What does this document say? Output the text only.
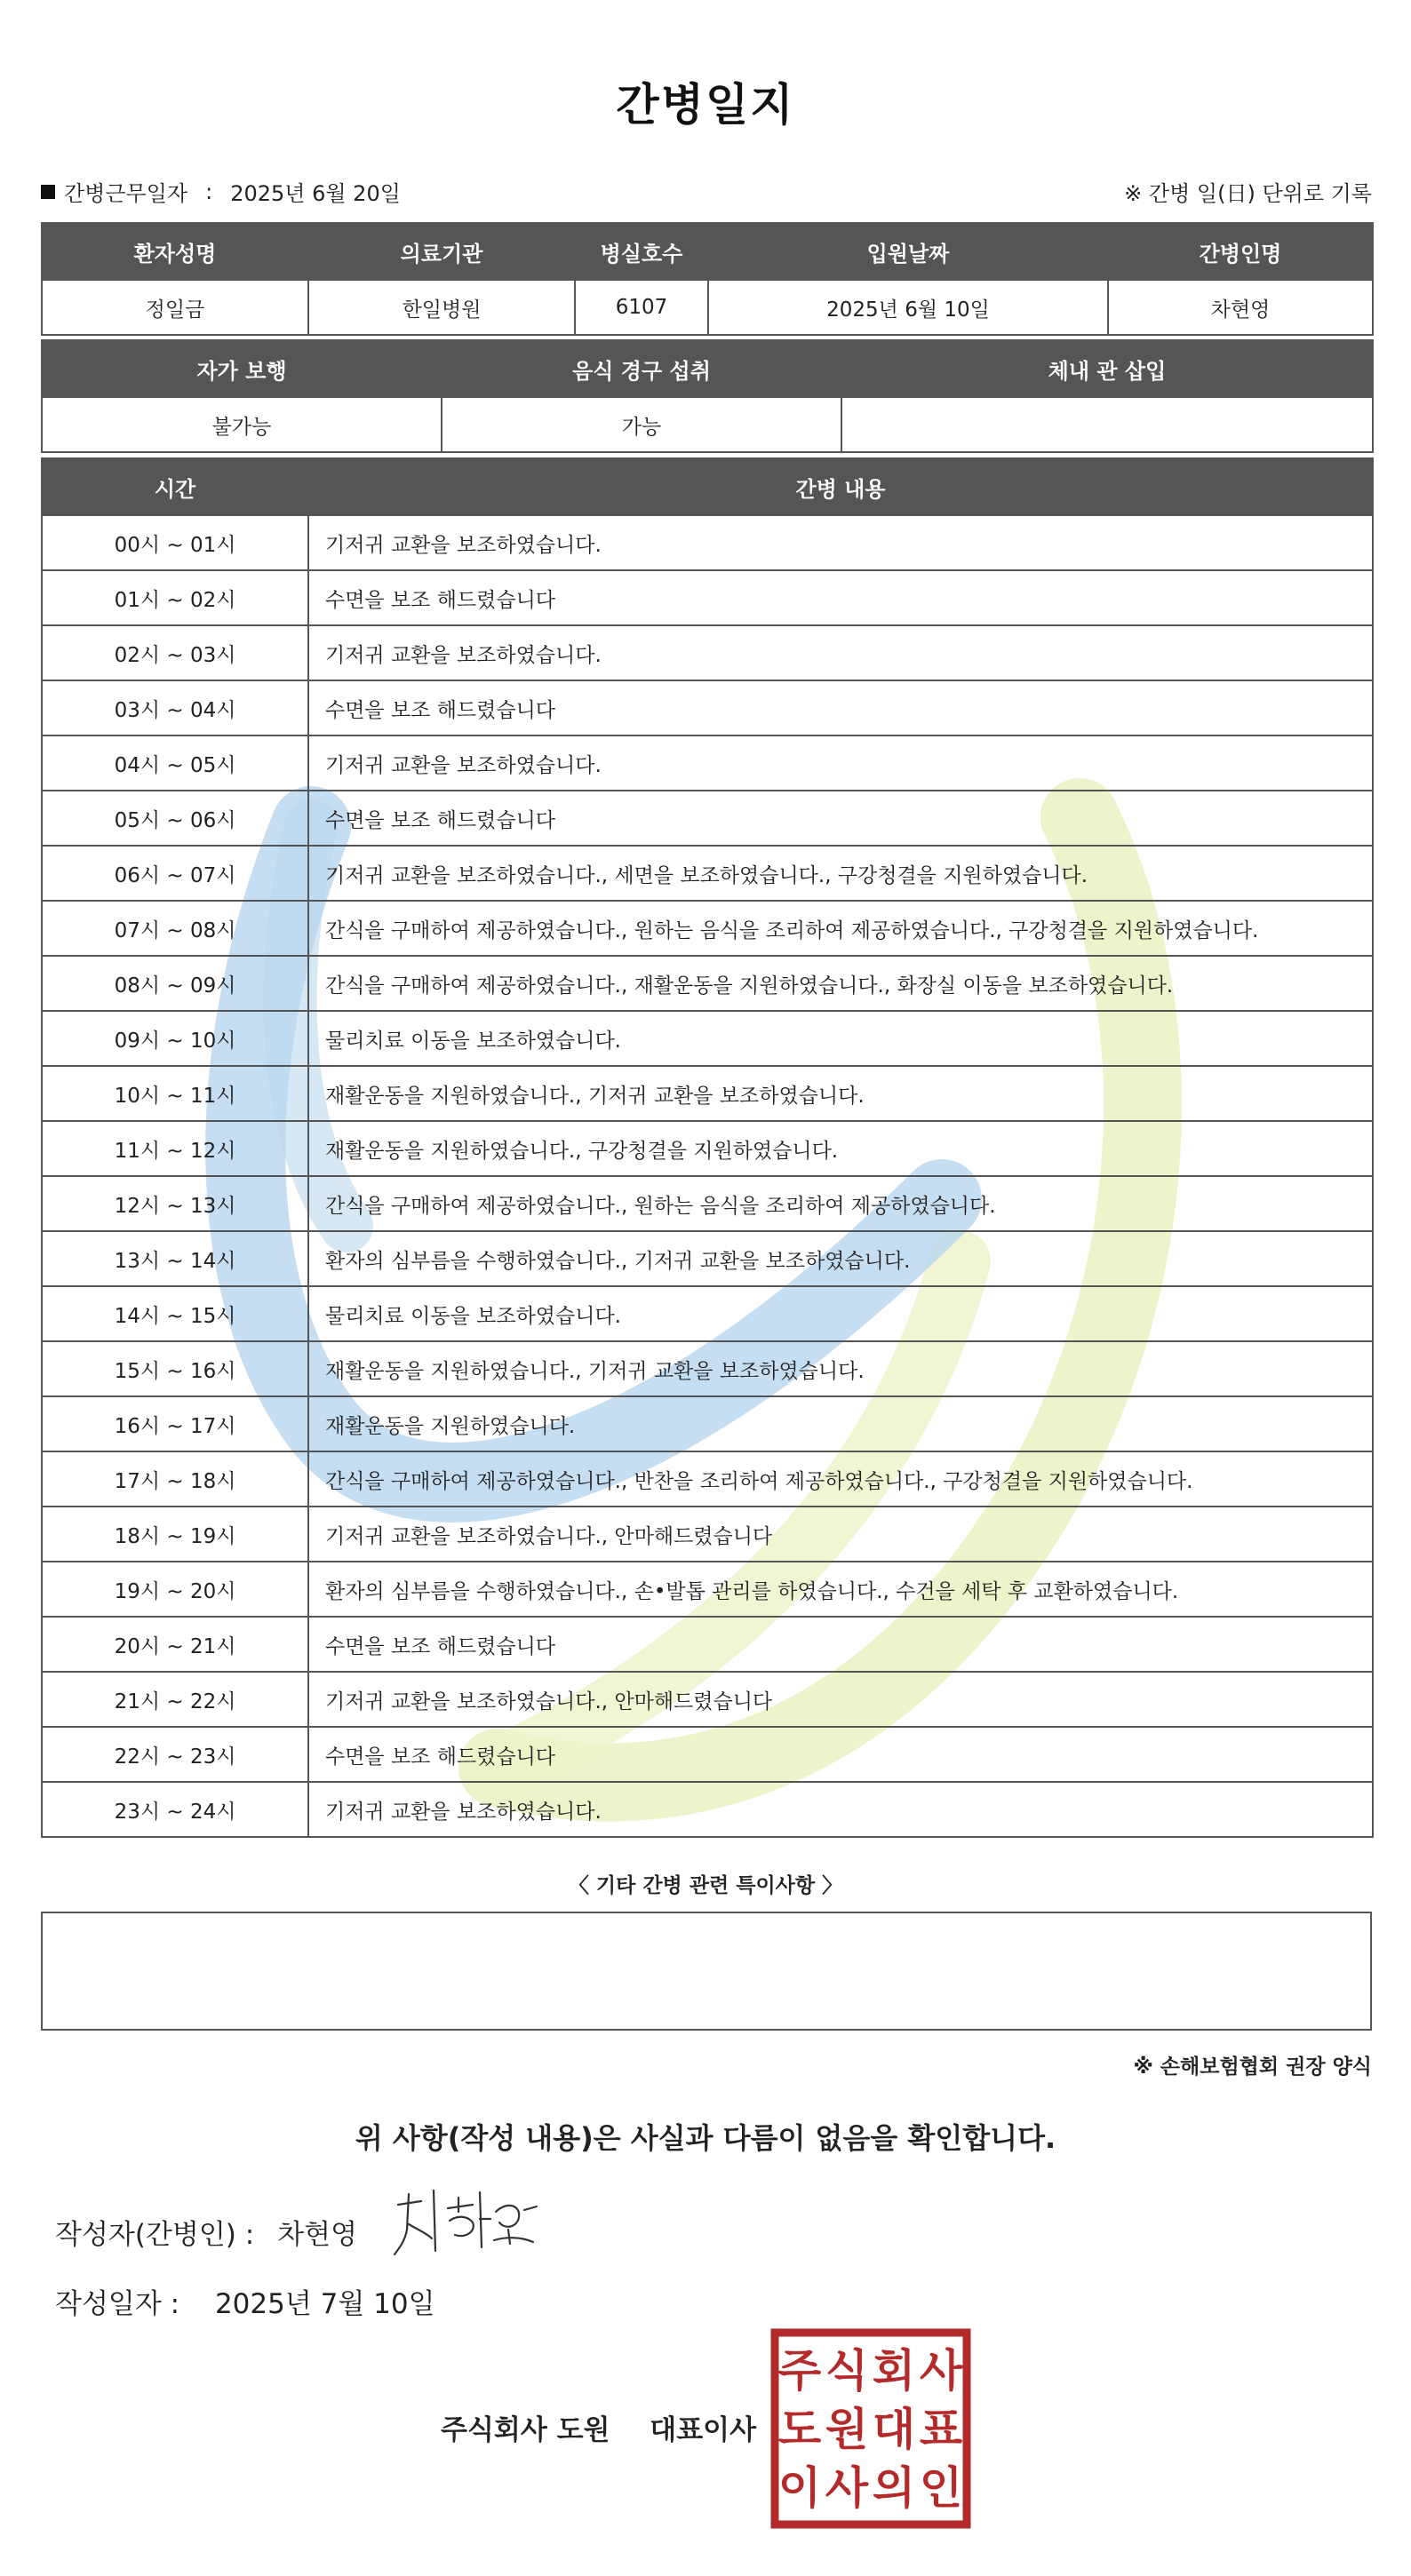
간병일지
간병근무일자 : 2025년 6월 20일	※ 간병 일(日) 단위로 기록
환자성명	의료기관	병실호수	입원날짜	간병인명
정일금	한일병원	6107	2025년 6월 10일	차현영
자가 보행	음식 경구 섭취	체내 관 삽입
불가능	가능	
시간	간병 내용
00시 ~ 01시	기저귀 교환을 보조하였습니다.
01시 ~ 02시	수면을 보조 해드렸습니다
02시 ~ 03시	기저귀 교환을 보조하였습니다.
03시 ~ 04시	수면을 보조 해드렸습니다
04시 ~ 05시	기저귀 교환을 보조하였습니다.
05시 ~ 06시	수면을 보조 해드렸습니다
06시 ~ 07시	기저귀 교환을 보조하였습니다., 세면을 보조하였습니다., 구강청결을 지원하였습니다.
07시 ~ 08시	간식을 구매하여 제공하였습니다., 원하는 음식을 조리하여 제공하였습니다., 구강청결을 지원하였습니다.
08시 ~ 09시	간식을 구매하여 제공하였습니다., 재활운동을 지원하였습니다., 화장실 이동을 보조하였습니다.
09시 ~ 10시	물리치료 이동을 보조하였습니다.
10시 ~ 11시	재활운동을 지원하였습니다., 기저귀 교환을 보조하였습니다.
11시 ~ 12시	재활운동을 지원하였습니다., 구강청결을 지원하였습니다.
12시 ~ 13시	간식을 구매하여 제공하였습니다., 원하는 음식을 조리하여 제공하였습니다.
13시 ~ 14시	환자의 심부름을 수행하였습니다., 기저귀 교환을 보조하였습니다.
14시 ~ 15시	물리치료 이동을 보조하였습니다.
15시 ~ 16시	재활운동을 지원하였습니다., 기저귀 교환을 보조하였습니다.
16시 ~ 17시	재활운동을 지원하였습니다.
17시 ~ 18시	간식을 구매하여 제공하였습니다., 반찬을 조리하여 제공하였습니다., 구강청결을 지원하였습니다.
18시 ~ 19시	기저귀 교환을 보조하였습니다., 안마해드렸습니다
19시 ~ 20시	환자의 심부름을 수행하였습니다., 손•발톱 관리를 하였습니다., 수건을 세탁 후 교환하였습니다.
20시 ~ 21시	수면을 보조 해드렸습니다
21시 ~ 22시	기저귀 교환을 보조하였습니다., 안마해드렸습니다
22시 ~ 23시	수면을 보조 해드렸습니다
23시 ~ 24시	기저귀 교환을 보조하였습니다.
〈 기타 간병 관련 특이사항 〉
※ 손해보험협회 권장 양식
위 사항(작성 내용)은 사실과 다름이 없음을 확인합니다.
작성자(간병인) : 차현영
작성일자 : 2025년 7월 10일
주식회사 도원 대표이사
주 식 회 사
도 원 대 표
이 사 의 인
